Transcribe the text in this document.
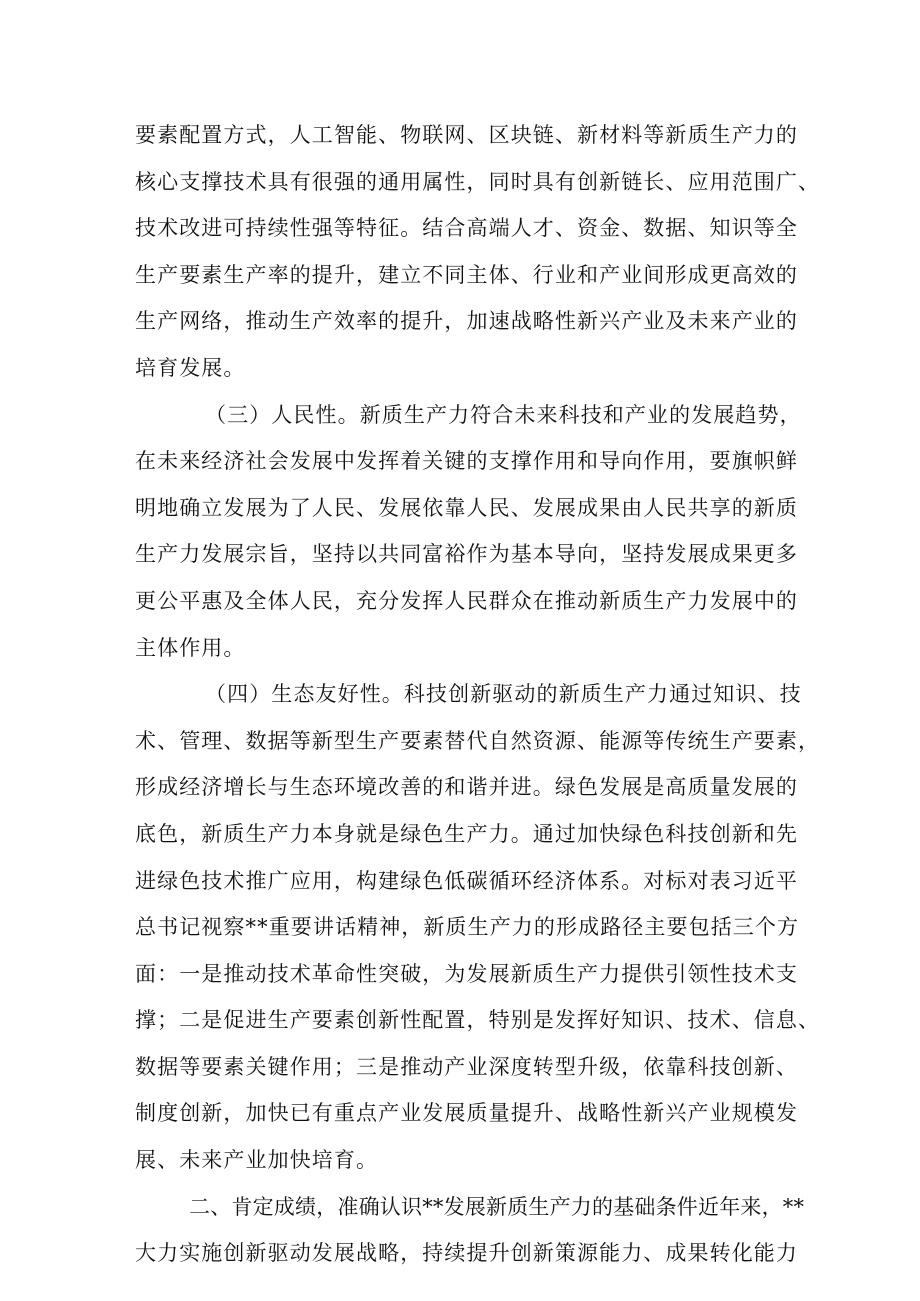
要素配置方式，人工智能、物联网、区块链、新材料等新质生产力的
核心支撑技术具有很强的通用属性，同时具有创新链长、应用范围广、
技术改进可持续性强等特征。结合高端人才、资金、数据、知识等全
生产要素生产率的提升，建立不同主体、行业和产业间形成更高效的
生产网络，推动生产效率的提升，加速战略性新兴产业及未来产业的
培育发展。
（三）人民性。新质生产力符合未来科技和产业的发展趋势，
在未来经济社会发展中发挥着关键的支撑作用和导向作用，要旗帜鲜
明地确立发展为了人民、发展依靠人民、发展成果由人民共享的新质
生产力发展宗旨，坚持以共同富裕作为基本导向，坚持发展成果更多
更公平惠及全体人民，充分发挥人民群众在推动新质生产力发展中的
主体作用。
（四）生态友好性。科技创新驱动的新质生产力通过知识、技
术、管理、数据等新型生产要素替代自然资源、能源等传统生产要素，
形成经济增长与生态环境改善的和谐并进。绿色发展是高质量发展的
底色，新质生产力本身就是绿色生产力。通过加快绿色科技创新和先
进绿色技术推广应用，构建绿色低碳循环经济体系。对标对表习近平
总书记视察**重要讲话精神，新质生产力的形成路径主要包括三个方
面：一是推动技术革命性突破，为发展新质生产力提供引领性技术支
撑；二是促进生产要素创新性配置，特别是发挥好知识、技术、信息、
数据等要素关键作用；三是推动产业深度转型升级，依靠科技创新、
制度创新，加快已有重点产业发展质量提升、战略性新兴产业规模发
展、未来产业加快培育。
二、肯定成绩，准确认识**发展新质生产力的基础条件近年来，**
大力实施创新驱动发展战略，持续提升创新策源能力、成果转化能力
